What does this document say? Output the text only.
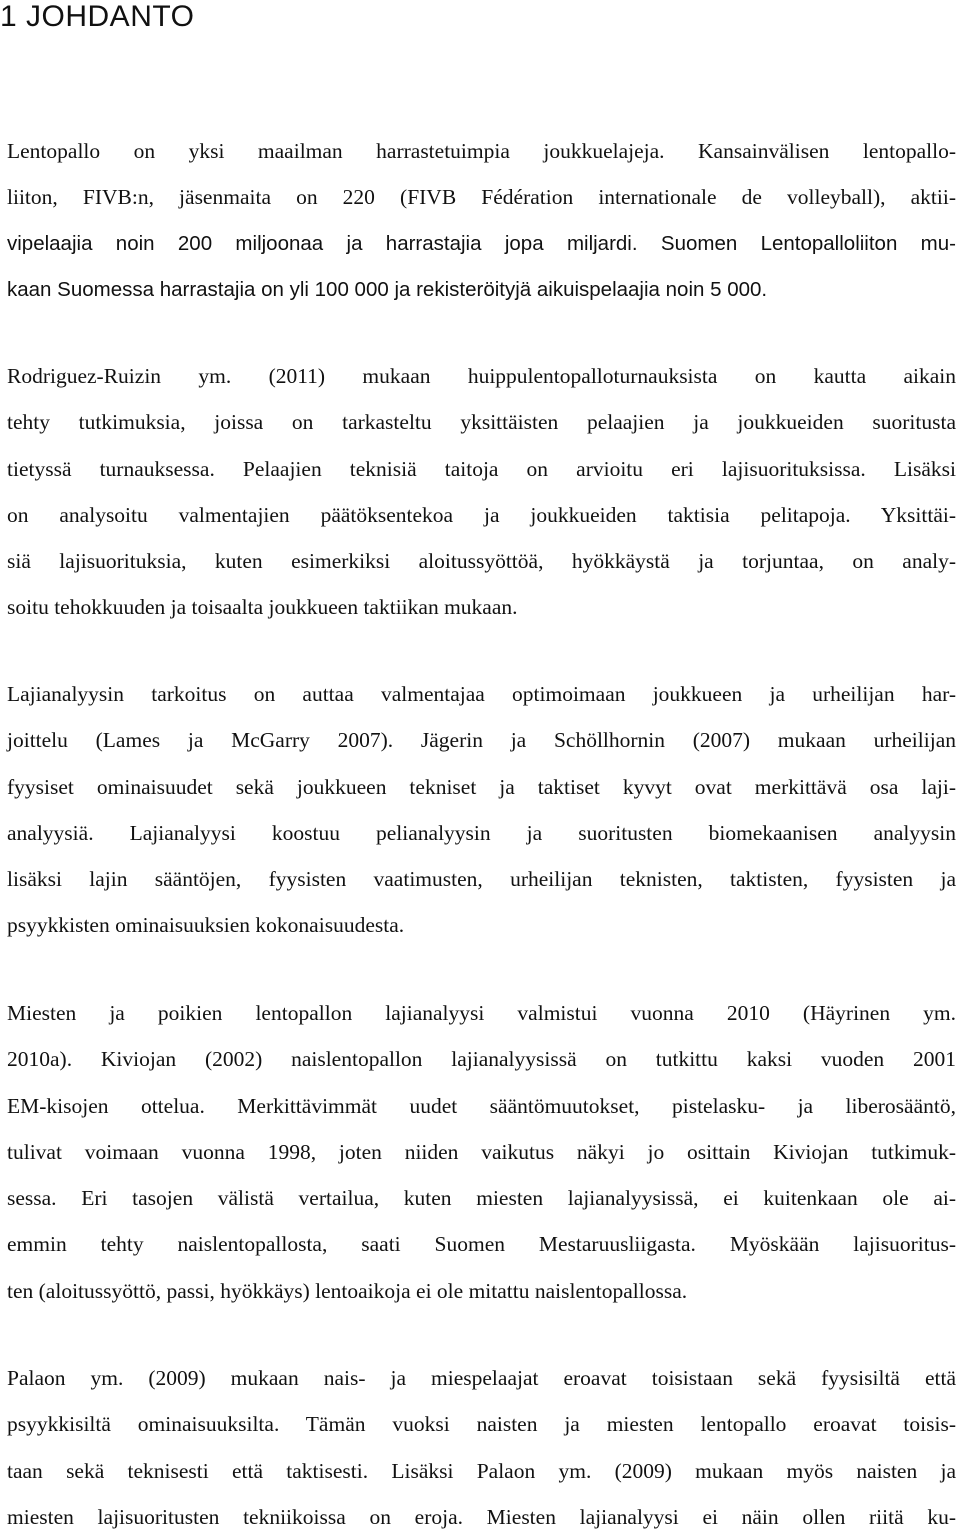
1 JOHDANTO
Lentopallo on yksi maailman harrastetuimpia joukkuelajeja. Kansainvälisen lentopallo-
liiton, FIVB:n, jäsenmaita on 220 (FIVB Fédération internationale de volleyball), aktii-
vipelaajia noin 200 miljoonaa ja harrastajia jopa miljardi. Suomen Lentopalloliiton mu-
kaan Suomessa harrastajia on yli 100 000 ja rekisteröityjä aikuispelaajia noin 5 000.
Rodriguez-Ruizin ym. (2011) mukaan huippulentopalloturnauksista on kautta aikain
tehty tutkimuksia, joissa on tarkasteltu yksittäisten pelaajien ja joukkueiden suoritusta
tietyssä turnauksessa. Pelaajien teknisiä taitoja on arvioitu eri lajisuorituksissa. Lisäksi
on analysoitu valmentajien päätöksentekoa ja joukkueiden taktisia pelitapoja. Yksittäi-
siä lajisuorituksia, kuten esimerkiksi aloitussyöttöä, hyökkäystä ja torjuntaa, on analy-
soitu tehokkuuden ja toisaalta joukkueen taktiikan mukaan.
Lajianalyysin tarkoitus on auttaa valmentajaa optimoimaan joukkueen ja urheilijan har-
joittelu (Lames ja McGarry 2007). Jägerin ja Schöllhornin (2007) mukaan urheilijan
fyysiset ominaisuudet sekä joukkueen tekniset ja taktiset kyvyt ovat merkittävä osa laji-
analyysiä. Lajianalyysi koostuu pelianalyysin ja suoritusten biomekaanisen analyysin
lisäksi lajin sääntöjen, fyysisten vaatimusten, urheilijan teknisten, taktisten, fyysisten ja
psyykkisten ominaisuuksien kokonaisuudesta.
Miesten ja poikien lentopallon lajianalyysi valmistui vuonna 2010 (Häyrinen ym.
2010a). Kiviojan (2002) naislentopallon lajianalyysissä on tutkittu kaksi vuoden 2001
EM-kisojen ottelua. Merkittävimmät uudet sääntömuutokset, pistelasku- ja liberosääntö,
tulivat voimaan vuonna 1998, joten niiden vaikutus näkyi jo osittain Kiviojan tutkimuk-
sessa. Eri tasojen välistä vertailua, kuten miesten lajianalyysissä, ei kuitenkaan ole ai-
emmin tehty naislentopallosta, saati Suomen Mestaruusliigasta. Myöskään lajisuoritus-
ten (aloitussyöttö, passi, hyökkäys) lentoaikoja ei ole mitattu naislentopallossa.
Palaon ym. (2009) mukaan nais- ja miespelaajat eroavat toisistaan sekä fyysisiltä että
psyykkisiltä ominaisuuksilta. Tämän vuoksi naisten ja miesten lentopallo eroavat toisis-
taan sekä teknisesti että taktisesti. Lisäksi Palaon ym. (2009) mukaan myös naisten ja
miesten lajisuoritusten tekniikoissa on eroja. Miesten lajianalyysi ei näin ollen riitä ku-
